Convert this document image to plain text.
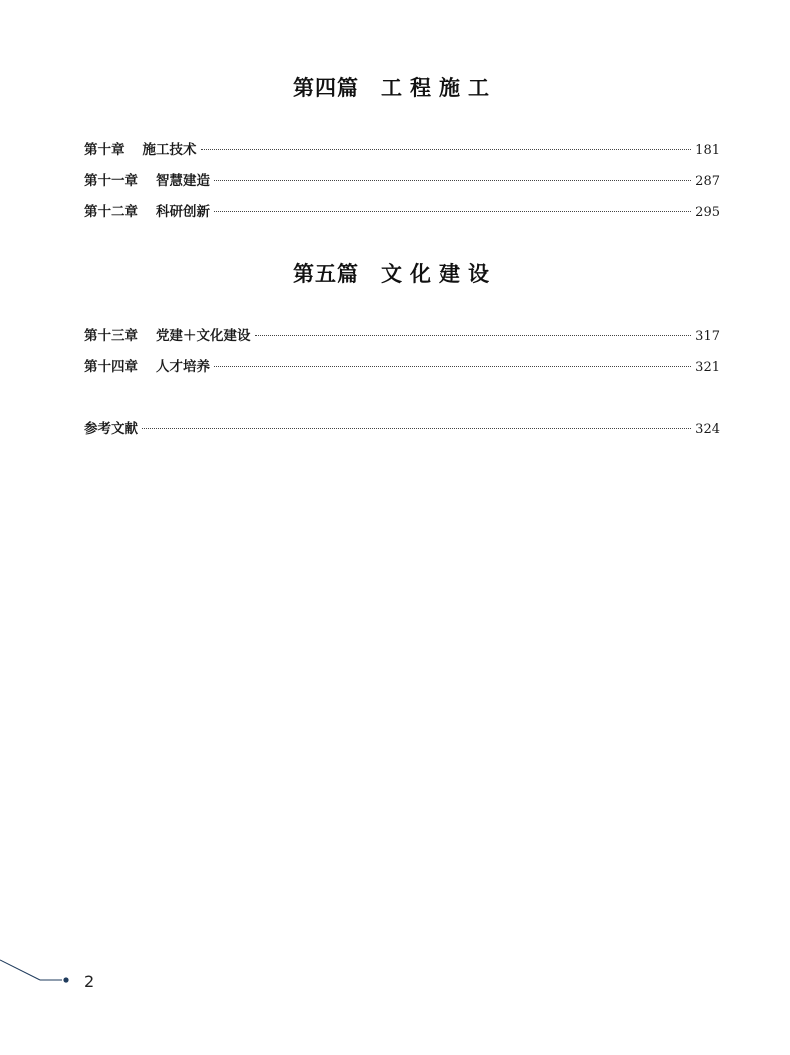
第四篇 工程施工
第十章 施工技术	181
第十一章 智慧建造	287
第十二章 科研创新	295
第五篇 文化建设
第十三章 党建＋文化建设	317
第十四章 人才培养	321
参考文献	324
2
